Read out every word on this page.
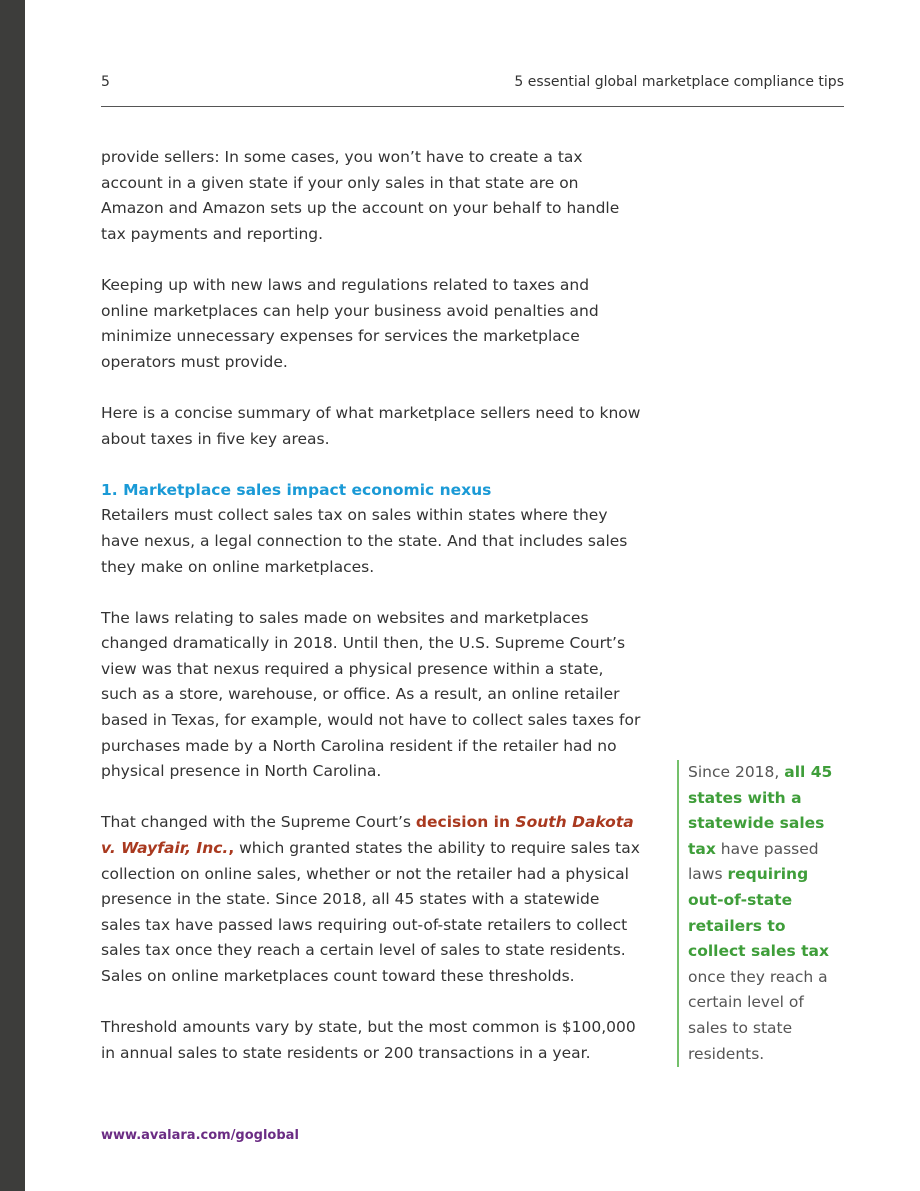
5	5 essential global marketplace compliance tips

provide sellers: In some cases, you won’t have to create a tax account in a given state if your only sales in that state are on Amazon and Amazon sets up the account on your behalf to handle tax payments and reporting.

Keeping up with new laws and regulations related to taxes and online marketplaces can help your business avoid penalties and minimize unnecessary expenses for services the marketplace operators must provide.

Here is a concise summary of what marketplace sellers need to know about taxes in five key areas.

1. Marketplace sales impact economic nexus
Retailers must collect sales tax on sales within states where they have nexus, a legal connection to the state. And that includes sales they make on online marketplaces.

The laws relating to sales made on websites and marketplaces changed dramatically in 2018. Until then, the U.S. Supreme Court’s view was that nexus required a physical presence within a state, such as a store, warehouse, or office. As a result, an online retailer based in Texas, for example, would not have to collect sales taxes for purchases made by a North Carolina resident if the retailer had no physical presence in North Carolina.

That changed with the Supreme Court’s decision in South Dakota v. Wayfair, Inc., which granted states the ability to require sales tax collection on online sales, whether or not the retailer had a physical presence in the state. Since 2018, all 45 states with a statewide sales tax have passed laws requiring out-of-state retailers to collect sales tax once they reach a certain level of sales to state residents. Sales on online marketplaces count toward these thresholds.

Threshold amounts vary by state, but the most common is $100,000 in annual sales to state residents or 200 transactions in a year.

Since 2018, all 45 states with a statewide sales tax have passed laws requiring out-of-state retailers to collect sales tax once they reach a certain level of sales to state residents.
www.avalara.com/goglobal
